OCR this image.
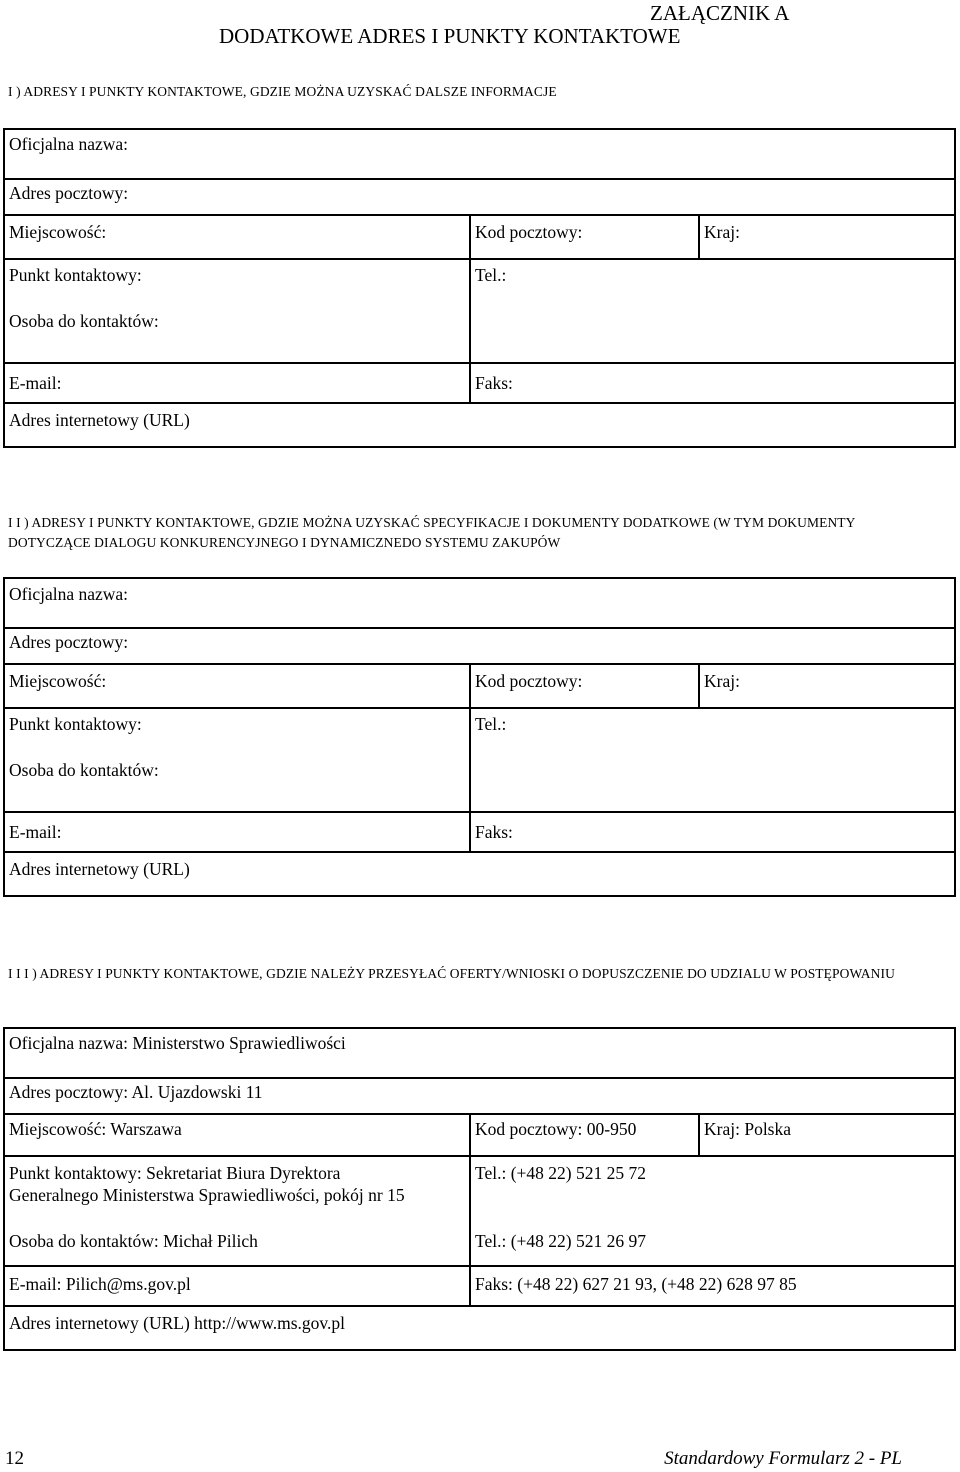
ZAŁĄCZNIK A
DODATKOWE ADRES I PUNKTY KONTAKTOWE
I ) ADRESY I PUNKTY KONTAKTOWE, GDZIE MOŻNA UZYSKAĆ DALSZE INFORMACJE
Oficjalna nazwa:
Adres pocztowy:
Miejscowość:	Kod pocztowy:	Kraj:
Punkt kontaktowy:
Osoba do kontaktów:
Tel.:
E-mail:	Faks:
Adres internetowy (URL)
I I ) ADRESY I PUNKTY KONTAKTOWE, GDZIE MOŻNA UZYSKAĆ SPECYFIKACJE I DOKUMENTY DODATKOWE (W TYM DOKUMENTY DOTYCZĄCE DIALOGU KONKURENCYJNEGO I DYNAMICZNEDO SYSTEMU ZAKUPÓW
Oficjalna nazwa:
Adres pocztowy:
Miejscowość:	Kod pocztowy:	Kraj:
Punkt kontaktowy:
Osoba do kontaktów:
Tel.:
E-mail:	Faks:
Adres internetowy (URL)
I I I ) ADRESY I PUNKTY KONTAKTOWE, GDZIE NALEŻY PRZESYŁAĆ OFERTY/WNIOSKI O DOPUSZCZENIE DO UDZIALU W POSTĘPOWANIU
Oficjalna nazwa: Ministerstwo Sprawiedliwości
Adres pocztowy: Al. Ujazdowski 11
Miejscowość: Warszawa	Kod pocztowy: 00-950	Kraj: Polska
Punkt kontaktowy: Sekretariat Biura Dyrektora
Generalnego Ministerstwa Sprawiedliwości, pokój nr 15
Osoba do kontaktów: Michał Pilich
Tel.: (+48 22) 521 25 72
Tel.: (+48 22) 521 26 97
E-mail: Pilich@ms.gov.pl	Faks: (+48 22) 627 21 93, (+48 22) 628 97 85
Adres internetowy (URL) http://www.ms.gov.pl
12	Standardowy Formularz 2 - PL
